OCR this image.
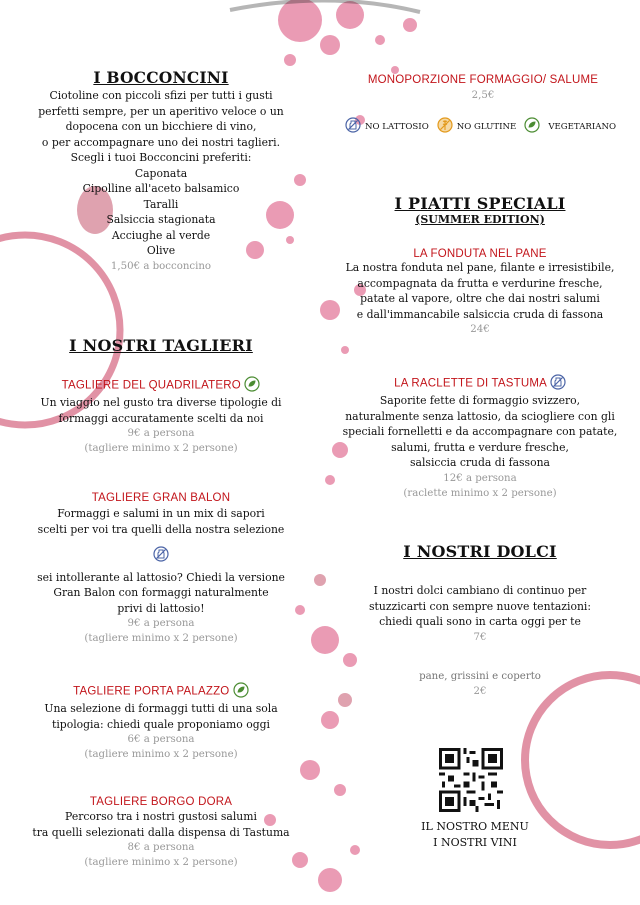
I BOCCONCINI
Ciotoline con piccoli sfizi per tutti i gusti
perfetti sempre, per un aperitivo veloce o un
dopocena con un bicchiere di vino,
o per accompagnare uno dei nostri taglieri.
Scegli i tuoi Bocconcini preferiti:
Caponata
Cipolline all'aceto balsamico
Taralli
Salsiccia stagionata
Acciughe al verde
Olive
1,50€ a bocconcino
I NOSTRI TAGLIERI
TAGLIERE DEL QUADRILATERO
Un viaggio nel gusto tra diverse tipologie di
formaggi accuratamente scelti da noi
9€ a persona
(tagliere minimo x 2 persone)
TAGLIERE GRAN BALON
Formaggi e salumi in un mix di sapori
scelti per voi tra quelli della nostra selezione
sei intollerante al lattosio? Chiedi la versione
Gran Balon con formaggi naturalmente
privi di lattosio!
9€ a persona
(tagliere minimo x 2 persone)
TAGLIERE PORTA PALAZZO
Una selezione di formaggi tutti di una sola
tipologia: chiedi quale proponiamo oggi
6€ a persona
(tagliere minimo x 2 persone)
TAGLIERE BORGO DORA
Percorso tra i nostri gustosi salumi
tra quelli selezionati dalla dispensa di Tastuma
8€ a persona
(tagliere minimo x 2 persone)
MONOPORZIONE FORMAGGIO/ SALUME
2,5€
NO LATTOSIO	NO GLUTINE	VEGETARIANO
I PIATTI SPECIALI
(SUMMER EDITION)
LA FONDUTA NEL PANE
La nostra fonduta nel pane, filante e irresistibile,
accompagnata da frutta e verdurine fresche,
patate al vapore, oltre che dai nostri salumi
e dall'immancabile salsiccia cruda di fassona
24€
LA RACLETTE DI TASTUMA
Saporite fette di formaggio svizzero,
naturalmente senza lattosio, da sciogliere con gli
speciali fornelletti e da accompagnare con patate,
salumi, frutta e verdure fresche,
salsiccia cruda di fassona
12€ a persona
(raclette minimo x 2 persone)
I NOSTRI DOLCI
I nostri dolci cambiano di continuo per
stuzzicarti con sempre nuove tentazioni:
chiedi quali sono in carta oggi per te
7€
pane, grissini e coperto
2€
IL NOSTRO MENU
I NOSTRI VINI
